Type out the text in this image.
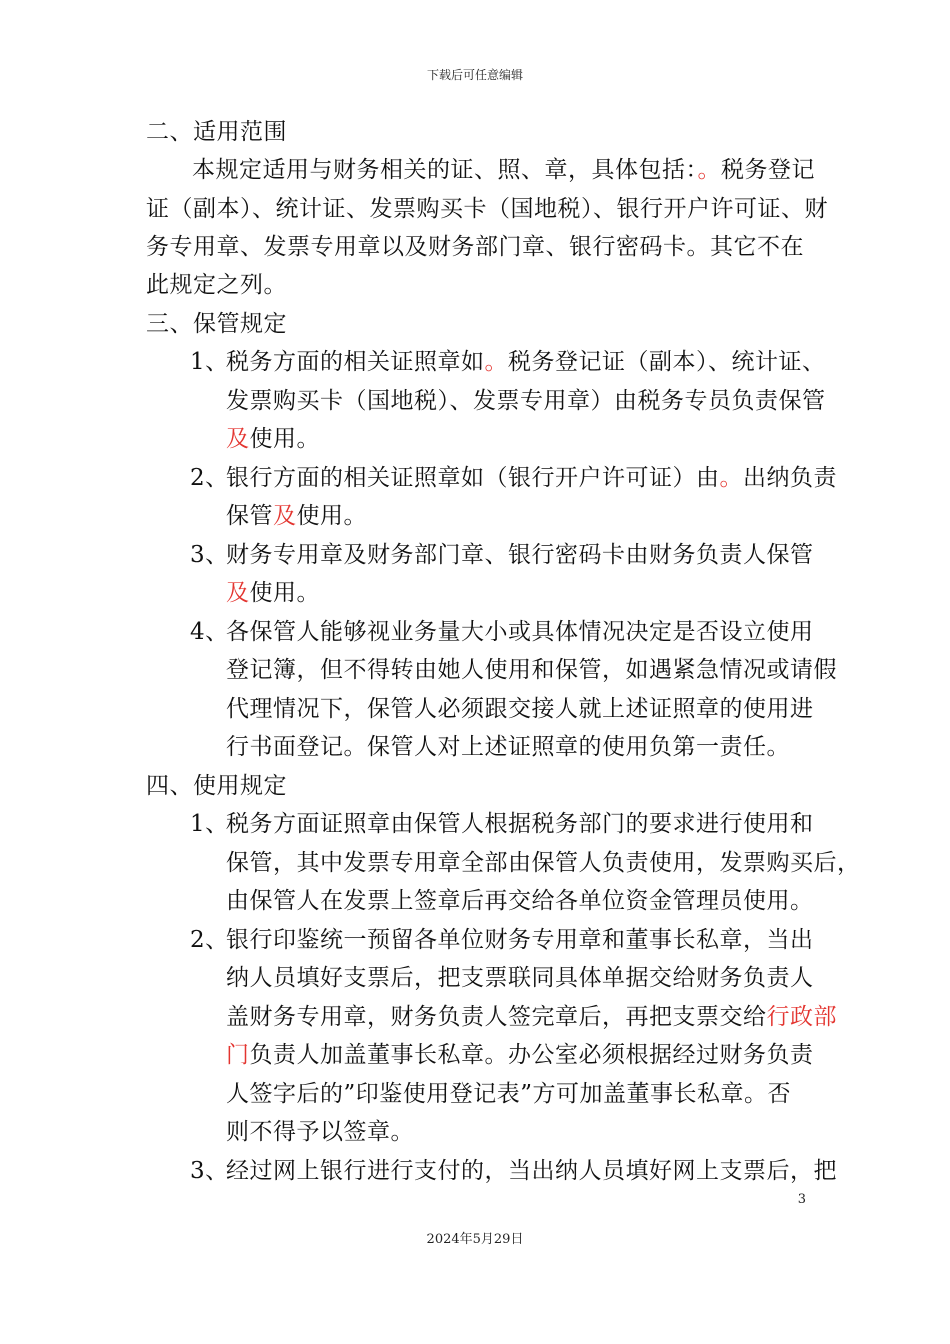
下载后可任意编辑
二、适用范围
本规定适用与财务相关的证、照、章，具体包括：。税务登记
证（副本）、统计证、发票购买卡（国地税）、银行开户许可证、财
务专用章、发票专用章以及财务部门章、银行密码卡。其它不在
此规定之列。
三、保管规定
1、
税务方面的相关证照章如。税务登记证（副本）、统计证、
发票购买卡（国地税）、发票专用章）由税务专员负责保管
及使用。
2、
银行方面的相关证照章如（银行开户许可证）由。出纳负责
保管及使用。
3、
财务专用章及财务部门章、银行密码卡由财务负责人保管
及使用。
4、
各保管人能够视业务量大小或具体情况决定是否设立使用
登记簿，但不得转由她人使用和保管，如遇紧急情况或请假
代理情况下，保管人必须跟交接人就上述证照章的使用进
行书面登记。保管人对上述证照章的使用负第一责任。
四、使用规定
1、
税务方面证照章由保管人根据税务部门的要求进行使用和
保管，其中发票专用章全部由保管人负责使用，发票购买后，
由保管人在发票上签章后再交给各单位资金管理员使用。
2、
银行印鉴统一预留各单位财务专用章和董事长私章，当出
纳人员填好支票后，把支票联同具体单据交给财务负责人
盖财务专用章，财务负责人签完章后，再把支票交给行政部
门负责人加盖董事长私章。办公室必须根据经过财务负责
人签字后的”印鉴使用登记表”方可加盖董事长私章。否
则不得予以签章。
3、
经过网上银行进行支付的，当出纳人员填好网上支票后，把
3
2024年5月29日
